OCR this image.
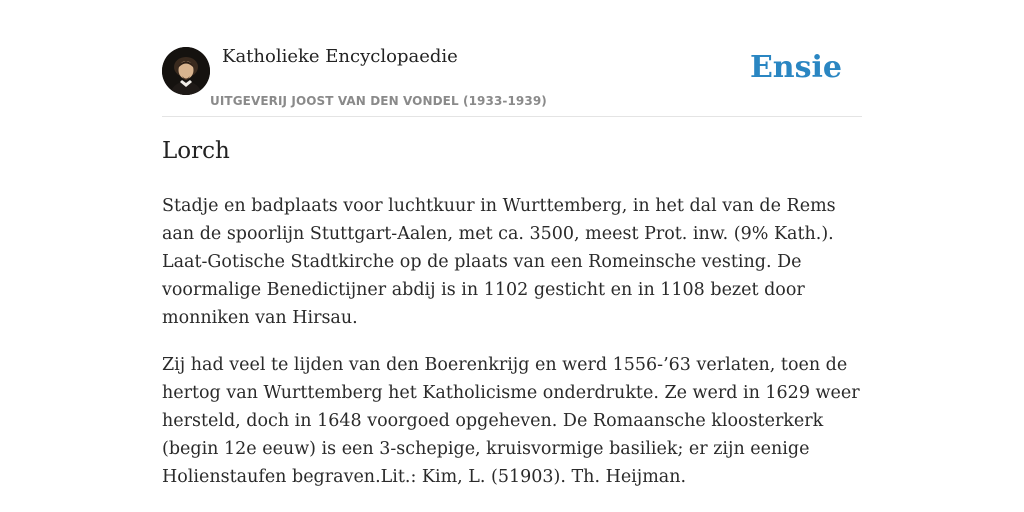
Katholieke Encyclopaedie
UITGEVERIJ JOOST VAN DEN VONDEL (1933-1939)
Ensie
Lorch

Stadje en badplaats voor luchtkuur in Wurttemberg, in het dal van de Rems aan de spoorlijn Stuttgart-Aalen, met ca. 3500, meest Prot. inw. (9% Kath.). Laat-Gotische Stadtkirche op de plaats van een Romeinsche vesting. De voormalige Benedictijner abdij is in 1102 gesticht en in 1108 bezet door monniken van Hirsau.

Zij had veel te lijden van den Boerenkrijg en werd 1556-’63 verlaten, toen de hertog van Wurttemberg het Katholicisme onderdrukte. Ze werd in 1629 weer hersteld, doch in 1648 voorgoed opgeheven. De Romaansche kloosterkerk (begin 12e eeuw) is een 3-schepige, kruisvormige basiliek; er zijn eenige Holienstaufen begraven.Lit.: Kim, L. (51903). Th. Heijman.
